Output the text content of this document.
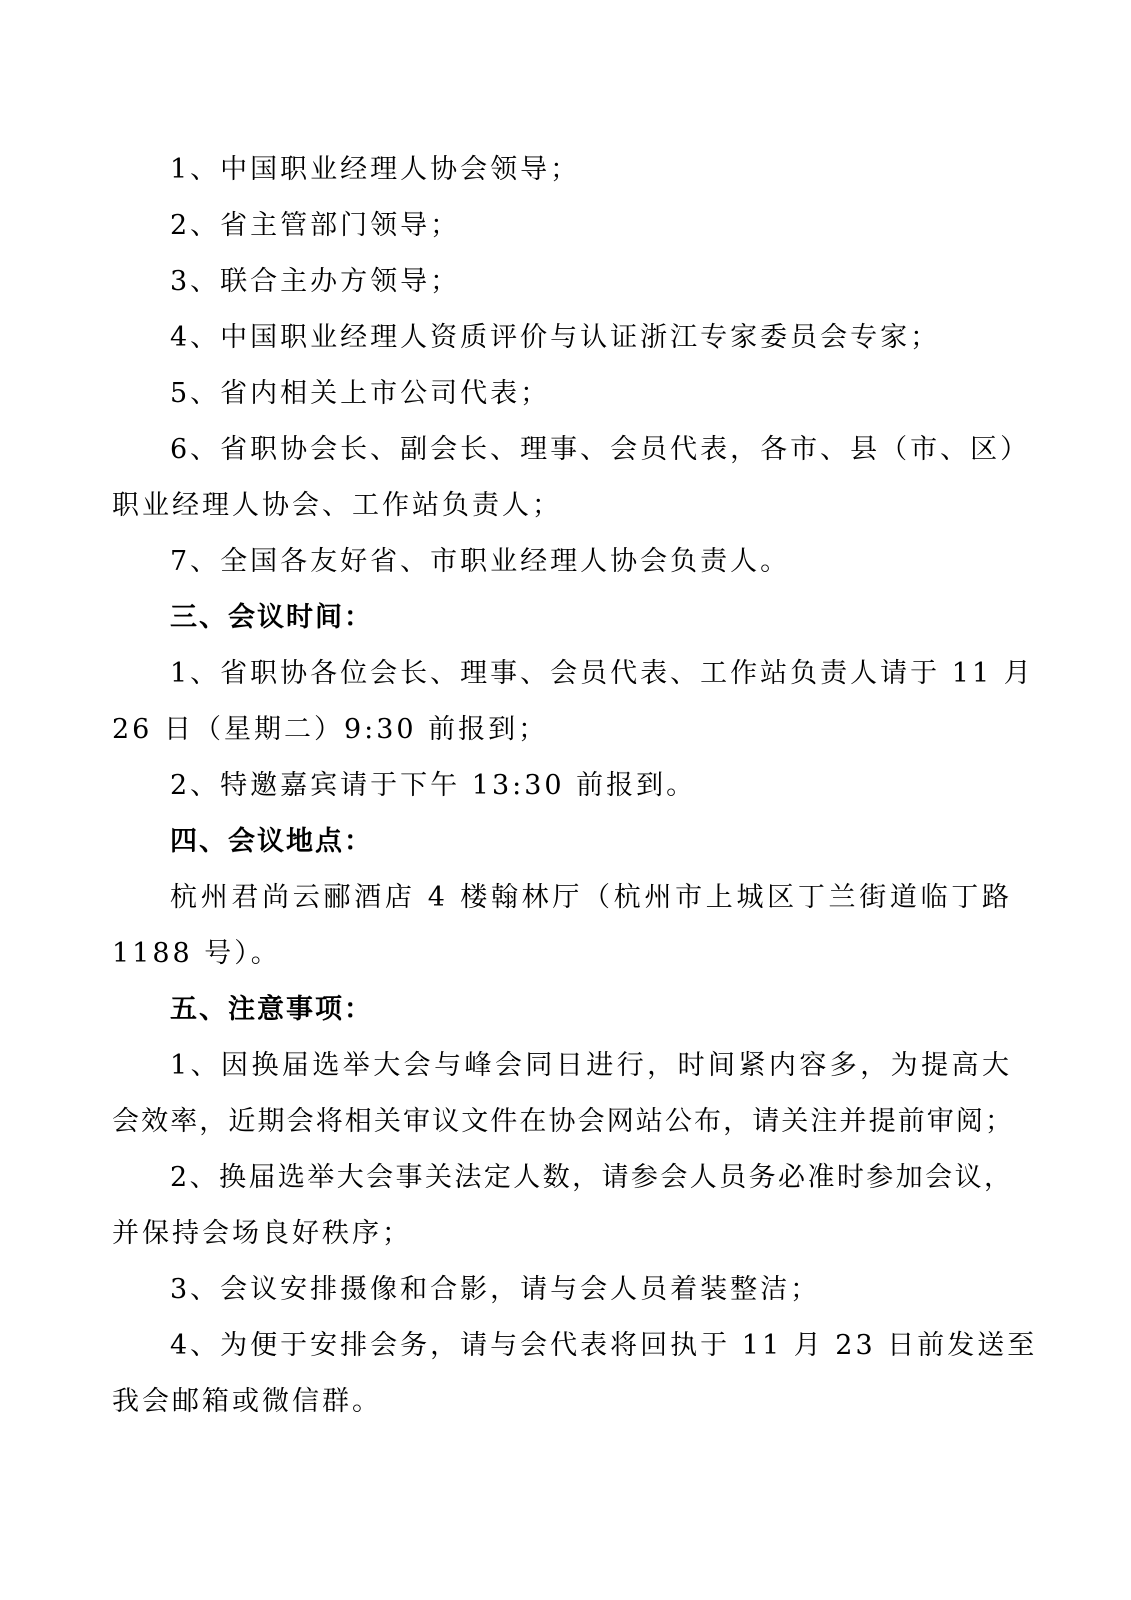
1、中国职业经理人协会领导；
2、省主管部门领导；
3、联合主办方领导；
4、中国职业经理人资质评价与认证浙江专家委员会专家；
5、省内相关上市公司代表；
6、省职协会长、副会长、理事、会员代表，各市、县（市、区）
职业经理人协会、工作站负责人；
7、全国各友好省、市职业经理人协会负责人。
三、会议时间：
1、省职协各位会长、理事、会员代表、工作站负责人请于 11 月
26 日（星期二）9:30 前报到；
2、特邀嘉宾请于下午 13:30 前报到。
四、会议地点：
杭州君尚云郦酒店 4 楼翰林厅（杭州市上城区丁兰街道临丁路
1188 号）。
五、注意事项：
1、因换届选举大会与峰会同日进行，时间紧内容多，为提高大
会效率，近期会将相关审议文件在协会网站公布，请关注并提前审阅；
2、换届选举大会事关法定人数，请参会人员务必准时参加会议，
并保持会场良好秩序；
3、会议安排摄像和合影，请与会人员着装整洁；
4、为便于安排会务，请与会代表将回执于 11 月 23 日前发送至
我会邮箱或微信群。
